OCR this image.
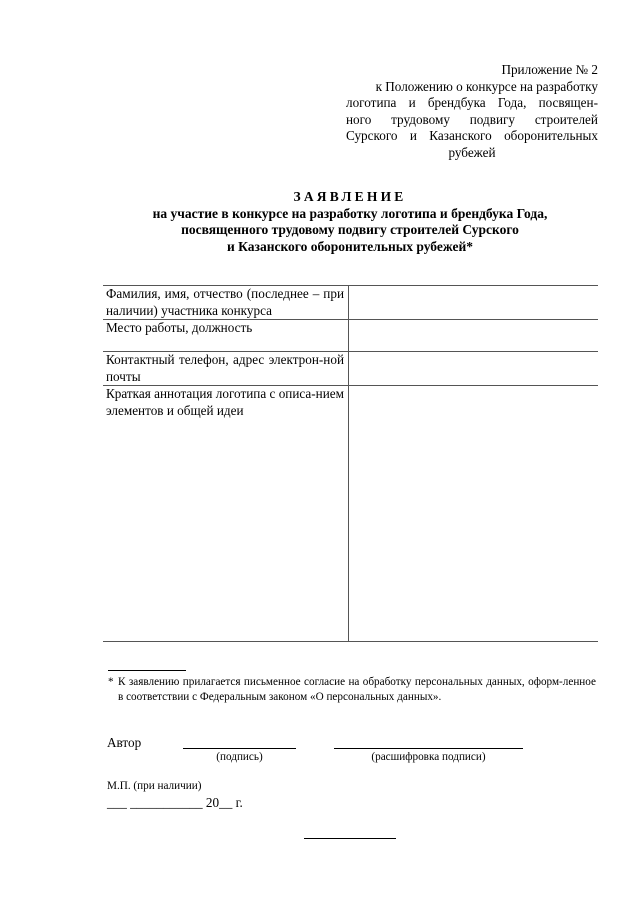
Приложение № 2
к Положению о конкурсе на разработку
логотипа и брендбука Года, посвящен-
ного трудовому подвигу строителей
Сурского и Казанского оборонительных
рубежей
ЗАЯВЛЕНИЕ
на участие в конкурсе на разработку логотипа и брендбука Года,
посвященного трудовому подвигу строителей Сурского
и Казанского оборонительных рубежей*
Фамилия, имя, отчество (последнее – при наличии) участника конкурса	

Место работы, должность	

Контактный телефон, адрес электрон-ной почты	

Краткая аннотация логотипа с описа-нием элементов и общей идеи	

* К заявлению прилагается письменное согласие на обработку персональных данных, оформ-ленное в соответствии с Федеральным законом «О персональных данных».
Автор
(подпись)	(расшифровка подписи)
М.П. (при наличии)
___ ___________ 20__ г.
